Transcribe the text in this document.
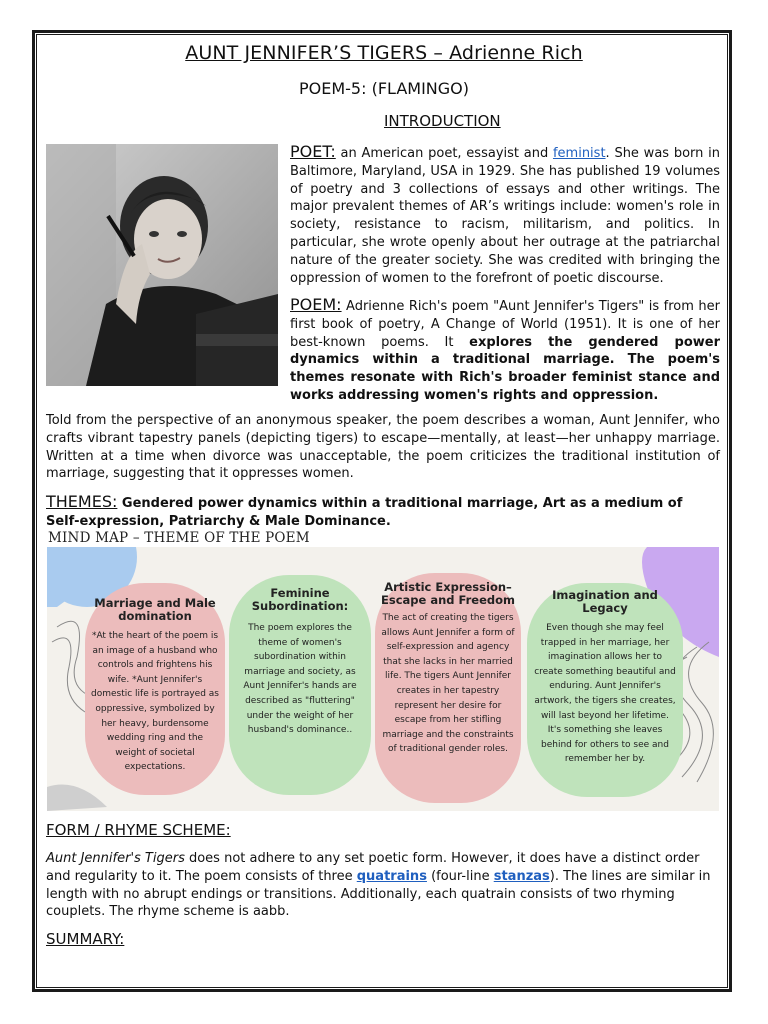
AUNT JENNIFER’S TIGERS – Adrienne Rich
POEM-5: (FLAMINGO)
INTRODUCTION
POET: an American poet, essayist and feminist. She was born in Baltimore, Maryland, USA in 1929. She has published 19 volumes of poetry and 3 collections of essays and other writings. The major prevalent themes of AR’s writings include: women's role in society, resistance to racism, militarism, and politics. In particular, she wrote openly about her outrage at the patriarchal nature of the greater society. She was credited with bringing the oppression of women to the forefront of poetic discourse.
POEM: Adrienne Rich's poem "Aunt Jennifer's Tigers" is from her first book of poetry, A Change of World (1951). It is one of her best-known poems. It explores the gendered power dynamics within a traditional marriage. The poem's themes resonate with Rich's broader feminist stance and works addressing women's rights and oppression.
Told from the perspective of an anonymous speaker, the poem describes a woman, Aunt Jennifer, who crafts vibrant tapestry panels (depicting tigers) to escape—mentally, at least—her unhappy marriage. Written at a time when divorce was unacceptable, the poem criticizes the traditional institution of marriage, suggesting that it oppresses women.
THEMES: Gendered power dynamics within a traditional marriage, Art as a medium of Self-expression, Patriarchy & Male Dominance.
MIND MAP – THEME OF THE POEM
Marriage and Male domination

*At the heart of the poem is an image of a husband who controls and frightens his wife. *Aunt Jennifer's domestic life is portrayed as oppressive, symbolized by her heavy, burdensome wedding ring and the weight of societal expectations.

Feminine Subordination:

The poem explores the theme of women's subordination within marriage and society, as Aunt Jennifer's hands are described as "fluttering" under the weight of her husband's dominance..

Artistic Expression–Escape and Freedom

The act of creating the tigers allows Aunt Jennifer a form of self-expression and agency that she lacks in her married life. The tigers Aunt Jennifer creates in her tapestry represent her desire for escape from her stifling marriage and the constraints of traditional gender roles.

Imagination and Legacy

Even though she may feel trapped in her marriage, her imagination allows her to create something beautiful and enduring. Aunt Jennifer's artwork, the tigers she creates, will last beyond her lifetime. It's something she leaves behind for others to see and remember her by.

FORM / RHYME SCHEME:
Aunt Jennifer's Tigers does not adhere to any set poetic form. However, it does have a distinct order and regularity to it. The poem consists of three quatrains (four-line stanzas). The lines are similar in length with no abrupt endings or transitions. Additionally, each quatrain consists of two rhyming couplets. The rhyme scheme is aabb.
SUMMARY:
